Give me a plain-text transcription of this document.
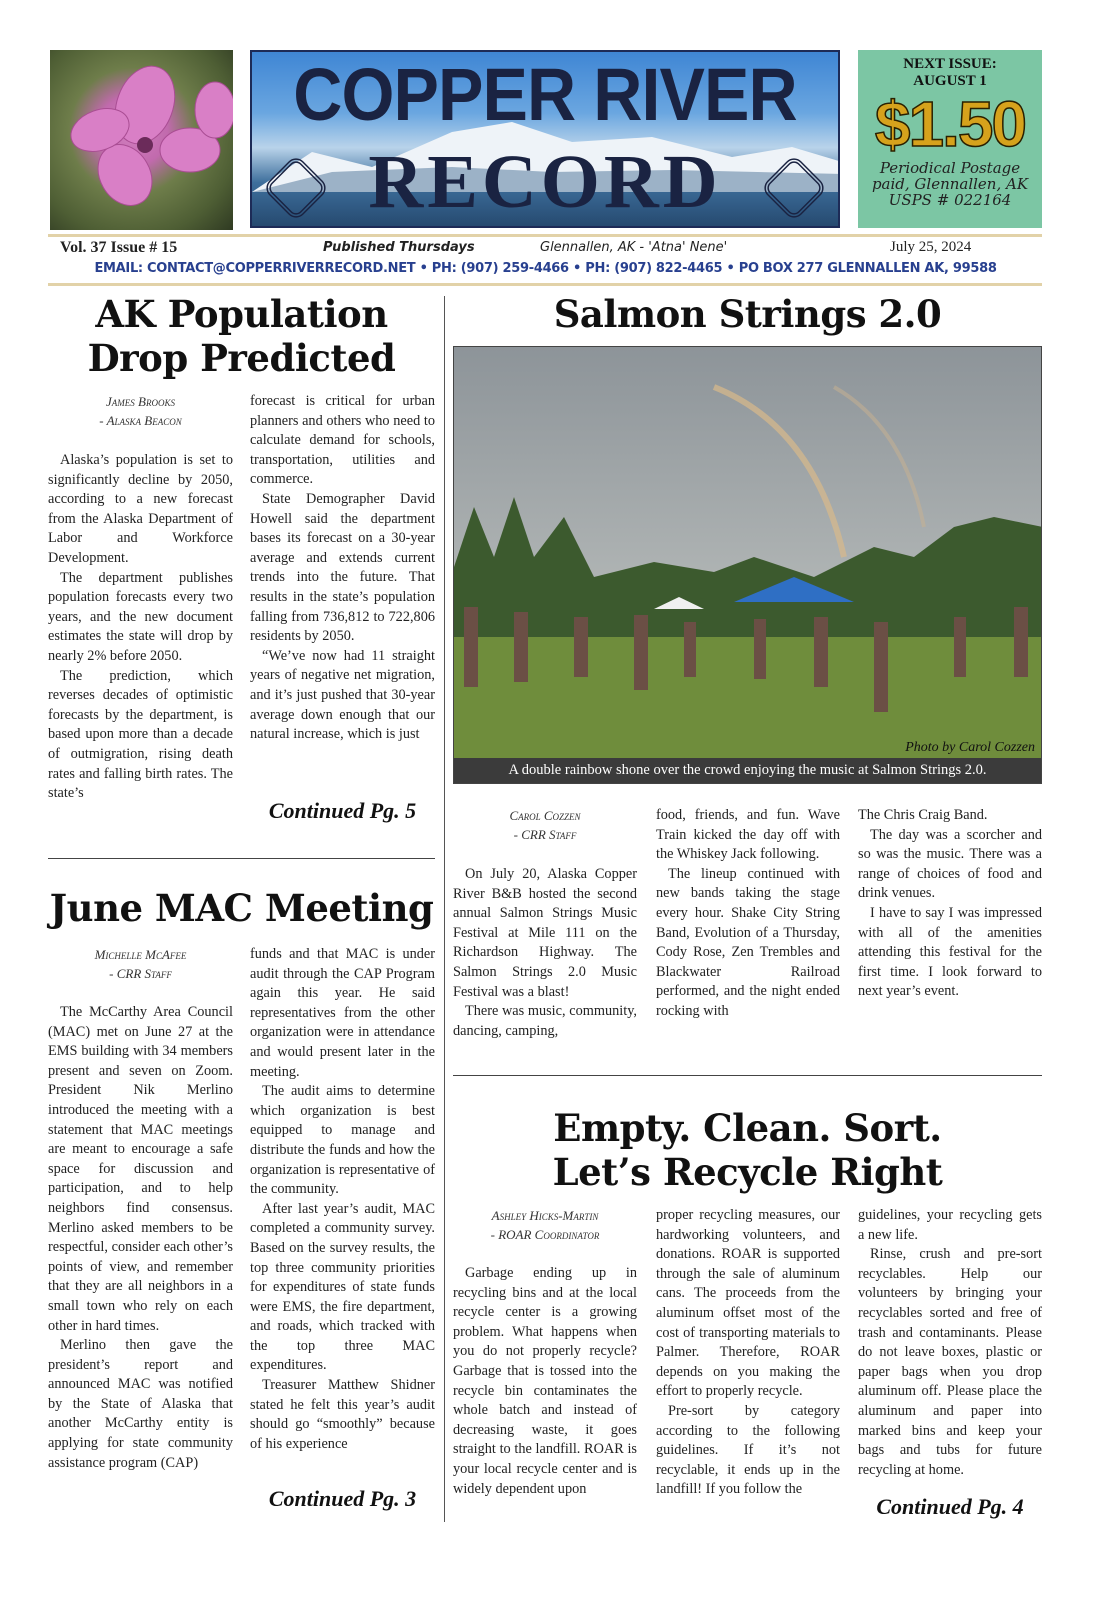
COPPER RIVER
RECORD
NEXT ISSUE:
AUGUST 1
$1.50
Periodical Postage
paid, Glennallen, AK
USPS # 022164
Vol. 37 Issue # 15	Published Thursdays	Glennallen, AK - 'Atna' Nene'	July 25, 2024
EMAIL: CONTACT@COPPERRIVERRECORD.NET • PH: (907) 259-4466 • PH: (907) 822-4465 • PO BOX 277 GLENNALLEN AK, 99588
AK Population
Drop Predicted
James Brooks
- Alaska Beacon

Alaska’s population is set to significantly decline by 2050, according to a new forecast from the Alaska Department of Labor and Workforce Development.

The department publishes population forecasts every two years, and the new document estimates the state will drop by nearly 2% before 2050.

The prediction, which reverses decades of optimistic forecasts by the department, is based upon more than a decade of outmigration, rising death rates and falling birth rates. The state’s

forecast is critical for urban planners and others who need to calculate demand for schools, transportation, utilities and commerce.

State Demographer David Howell said the department bases its forecast on a 30-year average and extends current trends into the future. That results in the state’s population falling from 736,812 to 722,806 residents by 2050.

“We’ve now had 11 straight years of negative net migration, and it’s just pushed that 30-year average down enough that our natural increase, which is just

Continued Pg. 5
June MAC Meeting
Michelle McAfee
- CRR Staff

The McCarthy Area Council (MAC) met on June 27 at the EMS building with 34 members present and seven on Zoom. President Nik Merlino introduced the meeting with a statement that MAC meetings are meant to encourage a safe space for discussion and participation, and to help neighbors find consensus. Merlino asked members to be respectful, consider each other’s points of view, and remember that they are all neighbors in a small town who rely on each other in hard times.

Merlino then gave the president’s report and announced MAC was notified by the State of Alaska that another McCarthy entity is applying for state community assistance program (CAP)

funds and that MAC is under audit through the CAP Program again this year. He said representatives from the other organization were in attendance and would present later in the meeting.

The audit aims to determine which organization is best equipped to manage and distribute the funds and how the organization is representative of the community.

After last year’s audit, MAC completed a community survey. Based on the survey results, the top three community priorities for expenditures of state funds were EMS, the fire department, and roads, which tracked with the top three MAC expenditures.

Treasurer Matthew Shidner stated he felt this year’s audit should go “smoothly” because of his experience

Continued Pg. 3
Salmon Strings 2.0
Photo by Carol Cozzen
A double rainbow shone over the crowd enjoying the music at Salmon Strings 2.0.
Carol Cozzen
- CRR Staff

On July 20, Alaska Copper River B&B hosted the second annual Salmon Strings Music Festival at Mile 111 on the Richardson Highway. The Salmon Strings 2.0 Music Festival was a blast!

There was music, community, dancing, camping,

food, friends, and fun. Wave Train kicked the day off with the Whiskey Jack following.

The lineup continued with new bands taking the stage every hour. Shake City String Band, Evolution of a Thursday, Cody Rose, Zen Trembles and Blackwater Railroad performed, and the night ended rocking with

The Chris Craig Band.

The day was a scorcher and so was the music. There was a range of choices of food and drink venues.

I have to say I was impressed with all of the amenities attending this festival for the first time. I look forward to next year’s event.

Empty. Clean. Sort.
Let’s Recycle Right
Ashley Hicks-Martin
- ROAR Coordinator

Garbage ending up in recycling bins and at the local recycle center is a growing problem. What happens when you do not properly recycle? Garbage that is tossed into the recycle bin contaminates the whole batch and instead of decreasing waste, it goes straight to the landfill. ROAR is your local recycle center and is widely dependent upon

proper recycling measures, our hardworking volunteers, and donations. ROAR is supported through the sale of aluminum cans. The proceeds from the aluminum offset most of the cost of transporting materials to Palmer. Therefore, ROAR depends on you making the effort to properly recycle.

Pre-sort by category according to the following guidelines. If it’s not recyclable, it ends up in the landfill! If you follow the

guidelines, your recycling gets a new life.

Rinse, crush and pre-sort recyclables. Help our volunteers by bringing your recyclables sorted and free of trash and contaminants. Please do not leave boxes, plastic or paper bags when you drop aluminum off. Please place the aluminum and paper into marked bins and keep your bags and tubs for future recycling at home.

Continued Pg. 4
